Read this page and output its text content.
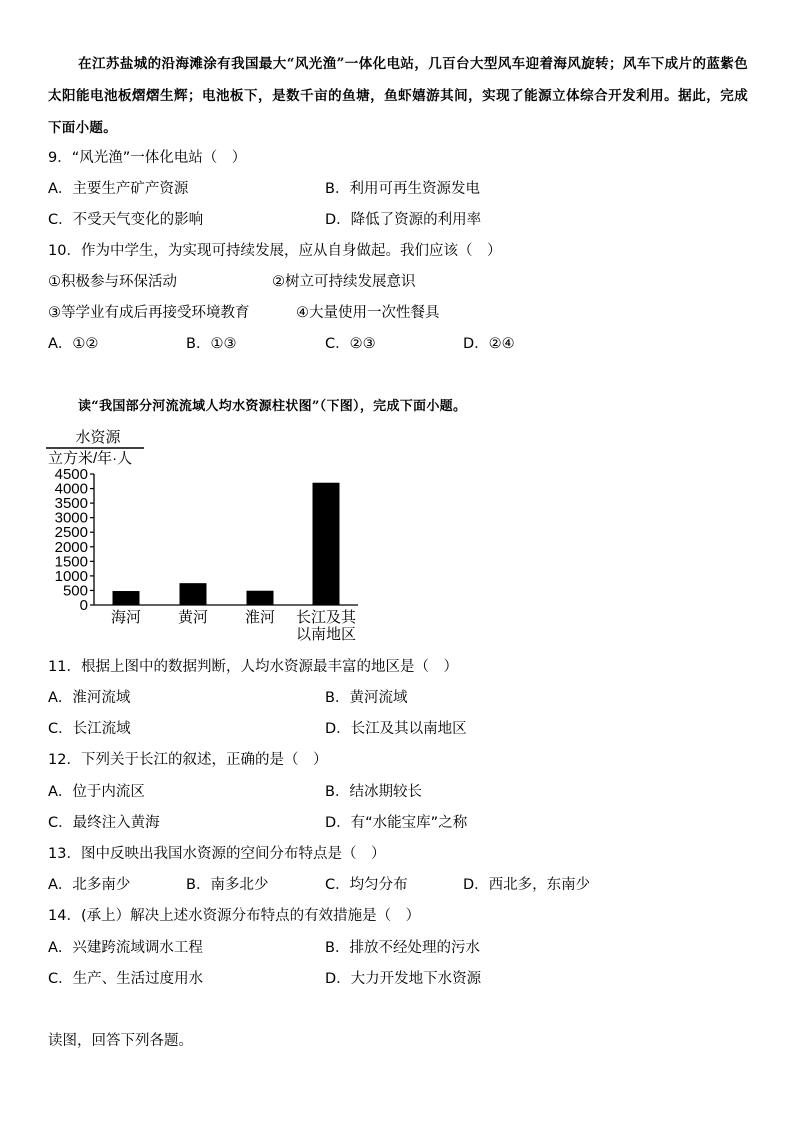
在江苏盐城的沿海滩涂有我国最大“风光渔”一体化电站，几百台大型风车迎着海风旋转；风车下成片的蓝紫色太阳能电池板熠熠生辉；电池板下，是数千亩的鱼塘，鱼虾嬉游其间，实现了能源立体综合开发利用。据此，完成下面小题。
9．“风光渔”一体化电站（　）
A．主要生产矿产资源	B．利用可再生资源发电
C．不受天气变化的影响	D．降低了资源的利用率
10．作为中学生，为实现可持续发展，应从自身做起。我们应该（　）
①积极参与环保活动	②树立可持续发展意识
③等学业有成后再接受环境教育	④大量使用一次性餐具
A．①②	B．①③	C．②③	D．②④
读“我国部分河流流域人均水资源柱状图”（下图），完成下面小题。
水资源
立方米/年·人
0
500
1000
1500
2000
2500
3000
3500
4000
4500
海河 黄河 淮河 长江及其
以南地区
11．根据上图中的数据判断，人均水资源最丰富的地区是（　）
A．淮河流域	B．黄河流域
C．长江流域	D．长江及其以南地区
12．下列关于长江的叙述，正确的是（　）
A．位于内流区	B．结冰期较长
C．最终注入黄海	D．有“水能宝库”之称
13．图中反映出我国水资源的空间分布特点是（　）
A．北多南少	B．南多北少	C．均匀分布	D．西北多，东南少
14．(承上）解决上述水资源分布特点的有效措施是（　）
A．兴建跨流域调水工程	B．排放不经处理的污水
C．生产、生活过度用水	D．大力开发地下水资源
读图，回答下列各题。
